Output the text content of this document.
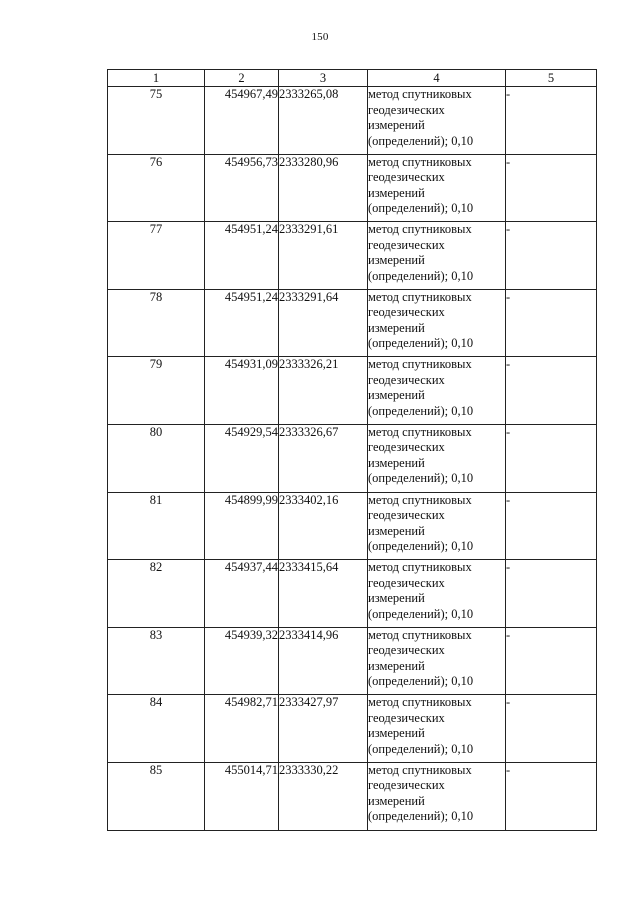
150
1	2	3	4	5
75	454967,49	2333265,08	метод спутниковых
геодезических
измерений
(определений); 0,10	-
76	454956,73	2333280,96	метод спутниковых
геодезических
измерений
(определений); 0,10	-
77	454951,24	2333291,61	метод спутниковых
геодезических
измерений
(определений); 0,10	-
78	454951,24	2333291,64	метод спутниковых
геодезических
измерений
(определений); 0,10	-
79	454931,09	2333326,21	метод спутниковых
геодезических
измерений
(определений); 0,10	-
80	454929,54	2333326,67	метод спутниковых
геодезических
измерений
(определений); 0,10	-
81	454899,99	2333402,16	метод спутниковых
геодезических
измерений
(определений); 0,10	-
82	454937,44	2333415,64	метод спутниковых
геодезических
измерений
(определений); 0,10	-
83	454939,32	2333414,96	метод спутниковых
геодезических
измерений
(определений); 0,10	-
84	454982,71	2333427,97	метод спутниковых
геодезических
измерений
(определений); 0,10	-
85	455014,71	2333330,22	метод спутниковых
геодезических
измерений
(определений); 0,10	-
